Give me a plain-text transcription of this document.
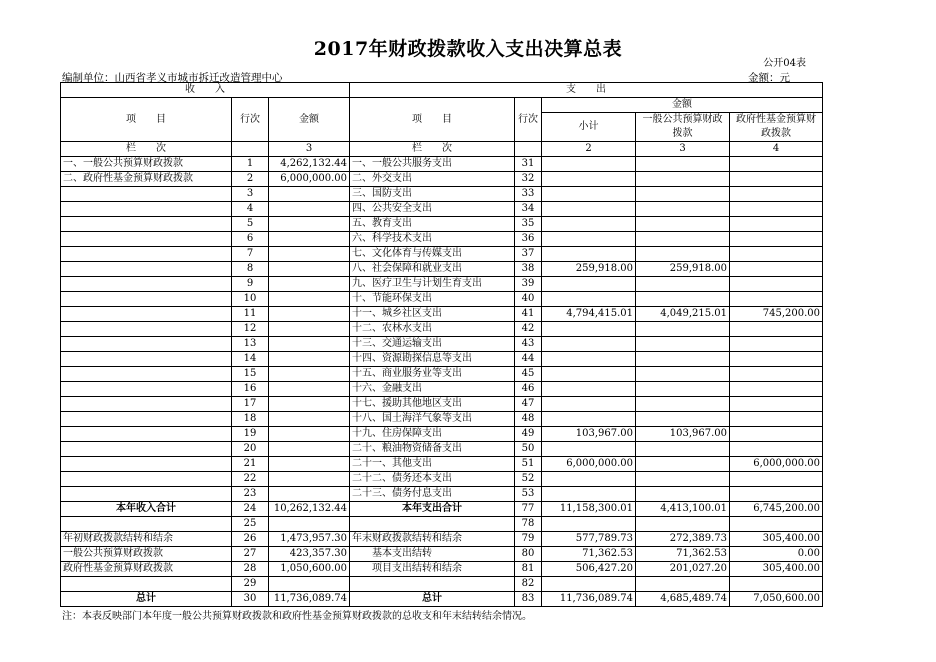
2017年财政拨款收入支出决算总表
公开04表
编制单位：山西省孝义市城市拆迁改造管理中心	金额：元
收　　入			支　　出				
项　　目	行次	金额	项　　目	行次	金额		
					小计	一般公共预算财政拨款	政府性基金预算财政拨款

栏　　次		3	栏　　次		2	3	4
一、一般公共预算财政拨款	1	4,262,132.44	一、一般公共服务支出	31			
二、政府性基金预算财政拨款	2	6,000,000.00	二、外交支出	32			
	3		三、国防支出	33			
	4		四、公共安全支出	34			
	5		五、教育支出	35			
	6		六、科学技术支出	36			
	7		七、文化体育与传媒支出	37			
	8		八、社会保障和就业支出	38	259,918.00	259,918.00	
	9		九、医疗卫生与计划生育支出	39			
	10		十、节能环保支出	40			
	11		十一、城乡社区支出	41	4,794,415.01	4,049,215.01	745,200.00
	12		十二、农林水支出	42			
	13		十三、交通运输支出	43			
	14		十四、资源勘探信息等支出	44			
	15		十五、商业服务业等支出	45			
	16		十六、金融支出	46			
	17		十七、援助其他地区支出	47			
	18		十八、国土海洋气象等支出	48			
	19		十九、住房保障支出	49	103,967.00	103,967.00	
	20		二十、粮油物资储备支出	50			
	21		二十一、其他支出	51	6,000,000.00		6,000,000.00
	22		二十二、债务还本支出	52			
	23		二十三、债务付息支出	53			
本年收入合计	24	10,262,132.44	本年支出合计	77	11,158,300.01	4,413,100.01	6,745,200.00
	25			78			
年初财政拨款结转和结余	26	1,473,957.30	年末财政拨款结转和结余	79	577,789.73	272,389.73	305,400.00
一般公共预算财政拨款	27	423,357.30	　　基本支出结转	80	71,362.53	71,362.53	0.00
政府性基金预算财政拨款	28	1,050,600.00	　　项目支出结转和结余	81	506,427.20	201,027.20	305,400.00
	29			82			
总计	30	11,736,089.74	总计	83	11,736,089.74	4,685,489.74	7,050,600.00
注：本表反映部门本年度一般公共预算财政拨款和政府性基金预算财政拨款的总收支和年末结转结余情况。
